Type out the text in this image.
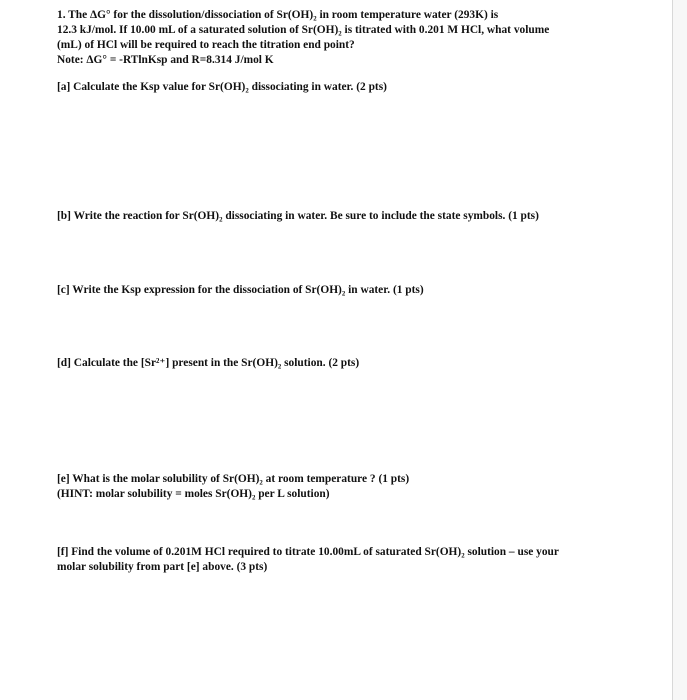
1. The ΔG° for the dissolution/dissociation of Sr(OH)₂ in room temperature water (293K) is
12.3 kJ/mol. If 10.00 mL of a saturated solution of Sr(OH)₂ is titrated with 0.201 M HCl, what volume
(mL) of HCl will be required to reach the titration end point?
Note: ΔG° = -RTlnKsp and R=8.314 J/mol K
[a] Calculate the Ksp value for Sr(OH)₂ dissociating in water. (2 pts)
[b] Write the reaction for Sr(OH)₂ dissociating in water. Be sure to include the state symbols. (1 pts)
[c] Write the Ksp expression for the dissociation of Sr(OH)₂ in water. (1 pts)
[d] Calculate the [Sr²⁺] present in the Sr(OH)₂ solution. (2 pts)
[e] What is the molar solubility of Sr(OH)₂ at room temperature ? (1 pts)
(HINT: molar solubility = moles Sr(OH)₂ per L solution)
[f] Find the volume of 0.201M HCl required to titrate 10.00mL of saturated Sr(OH)₂ solution – use your
molar solubility from part [e] above. (3 pts)
